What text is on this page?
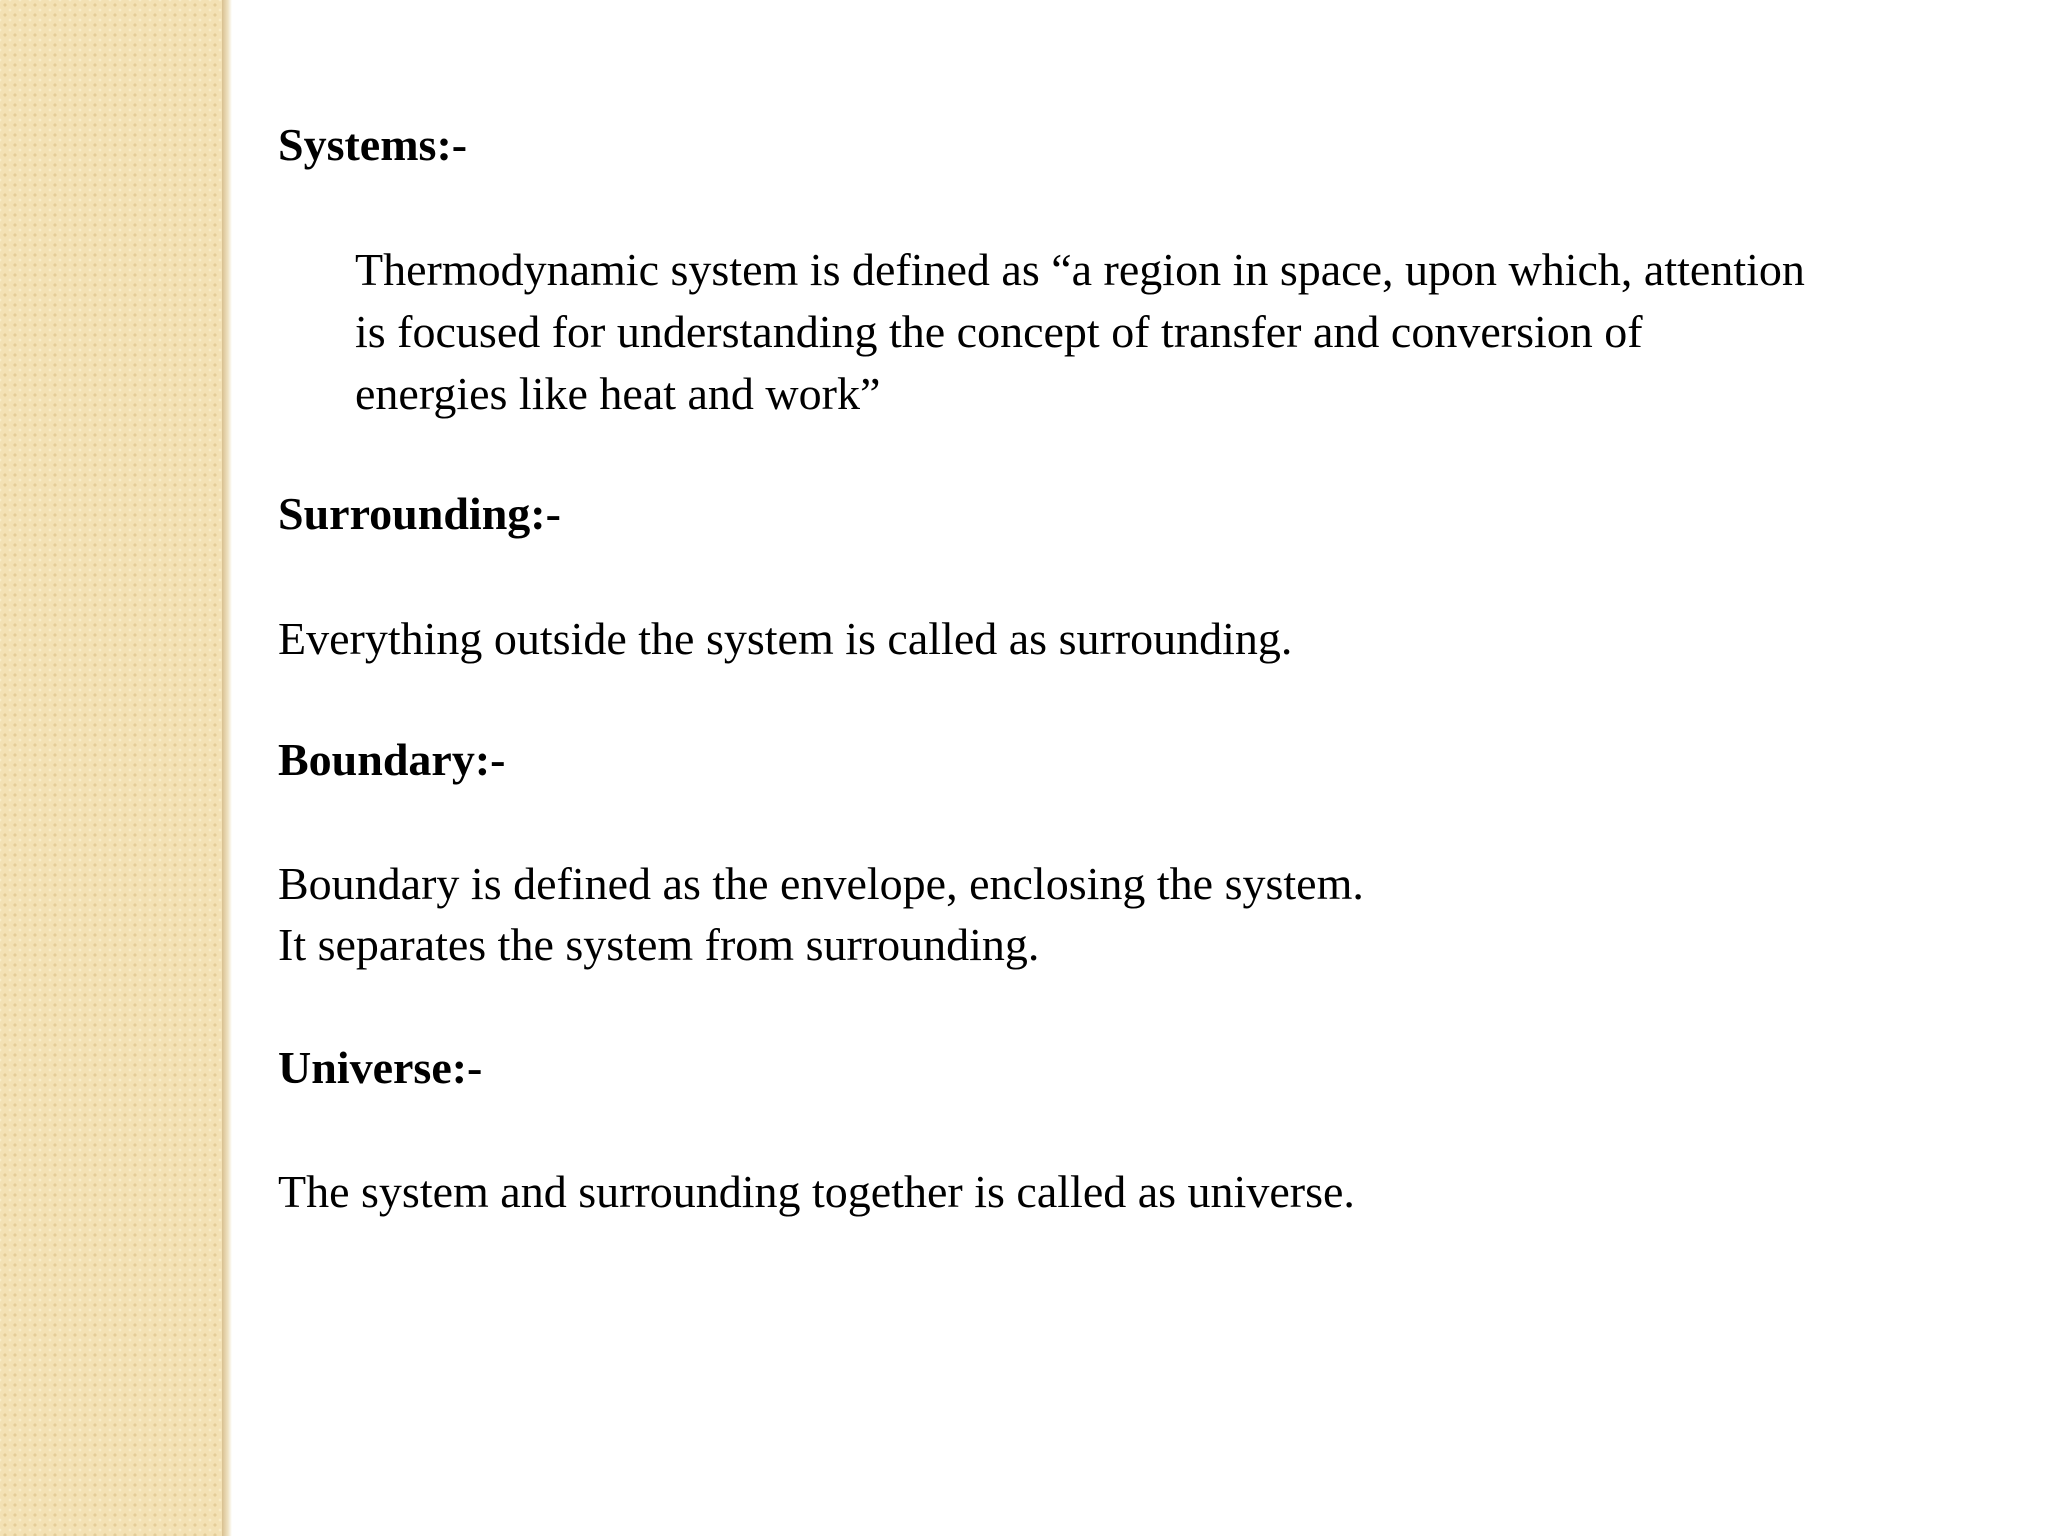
Systems:-
Thermodynamic system is defined as “a region in space, upon which, attention
is focused for understanding the concept of transfer and conversion of
energies like heat and work”
Surrounding:-
Everything outside the system is called as surrounding.
Boundary:-
Boundary is defined as the envelope, enclosing the system.
It separates the system from surrounding.
Universe:-
The system and surrounding together is called as universe.
